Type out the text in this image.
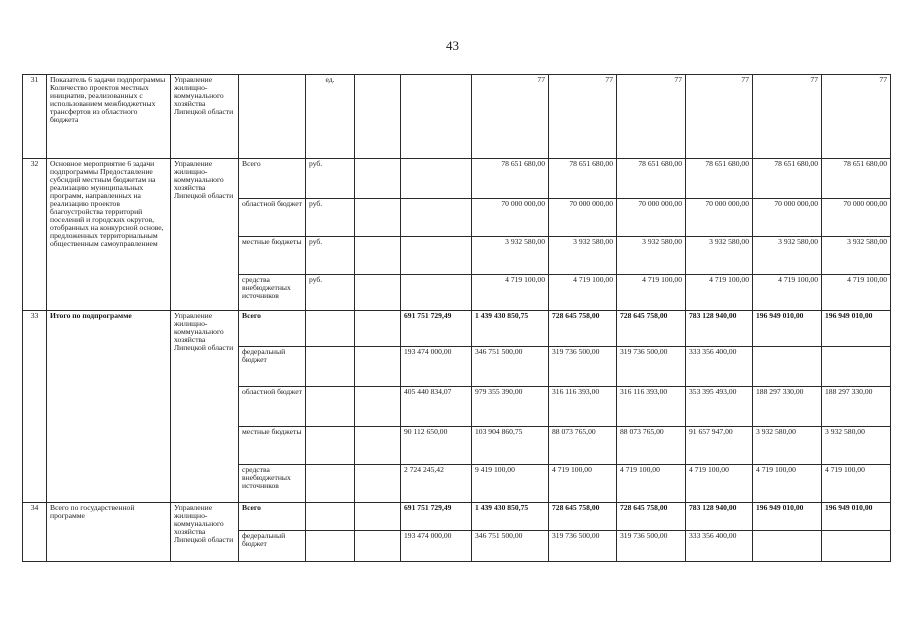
43
31	Показатель 6 задачи подпрограммы Количество проектов местных инициатив, реализованных с использованием межбюджетных трансфертов из областного бюджета	Управление жилищно-коммунального хозяйства Липецкой области		ед.			77	77	77	77	77	77
32	Основное мероприятие 6 задачи подпрограммы Предоставление субсидий местным бюджетам на реализацию муниципальных программ, направленных на реализацию проектов благоустройства территорий поселений и городских округов, отобранных на конкурсной основе, предложенных территориальным общественным самоуправлением	Управление жилищно-коммунального хозяйства Липецкой области	Всего	руб.			78 651 680,00	78 651 680,00	78 651 680,00	78 651 680,00	78 651 680,00	78 651 680,00
			областной бюджет	руб.			70 000 000,00	70 000 000,00	70 000 000,00	70 000 000,00	70 000 000,00	70 000 000,00
			местные бюджеты	руб.			3 932 580,00	3 932 580,00	3 932 580,00	3 932 580,00	3 932 580,00	3 932 580,00
			средства внебюджетных источников	руб.			4 719 100,00	4 719 100,00	4 719 100,00	4 719 100,00	4 719 100,00	4 719 100,00
33	Итого по подпрограмме	Управление жилищно-коммунального хозяйства Липецкой области	Всего			691 751 729,49	1 439 430 850,75	728 645 758,00	728 645 758,00	783 128 940,00	196 949 010,00	196 949 010,00
			федеральный бюджет			193 474 000,00	346 751 500,00	319 736 500,00	319 736 500,00	333 356 400,00		
			областной бюджет			405 440 834,07	979 355 390,00	316 116 393,00	316 116 393,00	353 395 493,00	188 297 330,00	188 297 330,00
			местные бюджеты			90 112 650,00	103 904 860,75	88 073 765,00	88 073 765,00	91 657 947,00	3 932 580,00	3 932 580,00
			средства внебюджетных источников			2 724 245,42	9 419 100,00	4 719 100,00	4 719 100,00	4 719 100,00	4 719 100,00	4 719 100,00
34	Всего по государственной программе	Управление жилищно-коммунального хозяйства Липецкой области	Всего			691 751 729,49	1 439 430 850,75	728 645 758,00	728 645 758,00	783 128 940,00	196 949 010,00	196 949 010,00
			федеральный бюджет			193 474 000,00	346 751 500,00	319 736 500,00	319 736 500,00	333 356 400,00		
